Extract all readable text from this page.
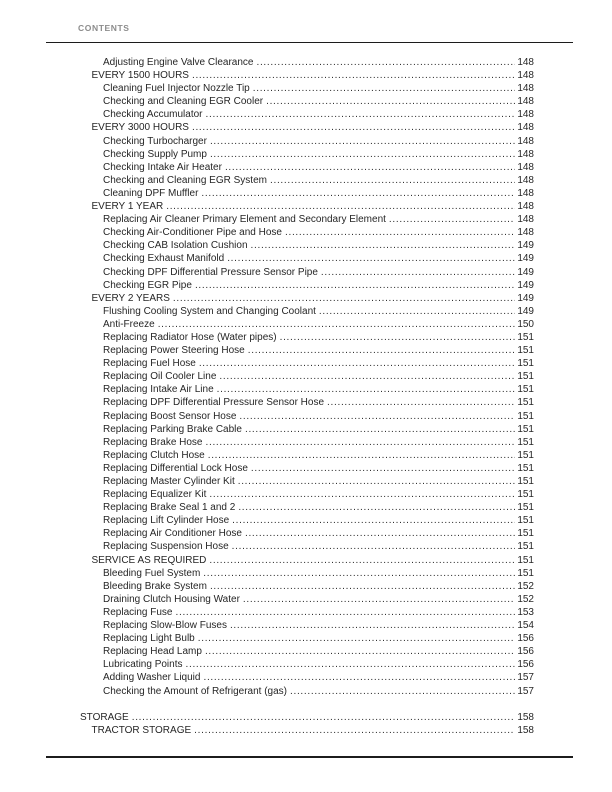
CONTENTS
Adjusting Engine Valve Clearance .....	148
EVERY 1500 HOURS .....	148
Cleaning Fuel Injector Nozzle Tip .....	148
Checking and Cleaning EGR Cooler .....	148
Checking Accumulator .....	148
EVERY 3000 HOURS .....	148
Checking Turbocharger .....	148
Checking Supply Pump .....	148
Checking Intake Air Heater .....	148
Checking and Cleaning EGR System .....	148
Cleaning DPF Muffler .....	148
EVERY 1 YEAR .....	148
Replacing Air Cleaner Primary Element and Secondary Element .....	148
Checking Air-Conditioner Pipe and Hose .....	148
Checking CAB Isolation Cushion .....	149
Checking Exhaust Manifold .....	149
Checking DPF Differential Pressure Sensor Pipe .....	149
Checking EGR Pipe .....	149
EVERY 2 YEARS .....	149
Flushing Cooling System and Changing Coolant .....	149
Anti-Freeze .....	150
Replacing Radiator Hose (Water pipes) .....	151
Replacing Power Steering Hose .....	151
Replacing Fuel Hose .....	151
Replacing Oil Cooler Line .....	151
Replacing Intake Air Line .....	151
Replacing DPF Differential Pressure Sensor Hose .....	151
Replacing Boost Sensor Hose .....	151
Replacing Parking Brake Cable .....	151
Replacing Brake Hose .....	151
Replacing Clutch Hose .....	151
Replacing Differential Lock Hose .....	151
Replacing Master Cylinder Kit .....	151
Replacing Equalizer Kit .....	151
Replacing Brake Seal 1 and 2 .....	151
Replacing Lift Cylinder Hose .....	151
Replacing Air Conditioner Hose .....	151
Replacing Suspension Hose .....	151
SERVICE AS REQUIRED .....	151
Bleeding Fuel System .....	151
Bleeding Brake System .....	152
Draining Clutch Housing Water .....	152
Replacing Fuse .....	153
Replacing Slow-Blow Fuses .....	154
Replacing Light Bulb .....	156
Replacing Head Lamp .....	156
Lubricating Points .....	156
Adding Washer Liquid .....	157
Checking the Amount of Refrigerant (gas) .....	157
STORAGE .....	158
TRACTOR STORAGE .....	158
